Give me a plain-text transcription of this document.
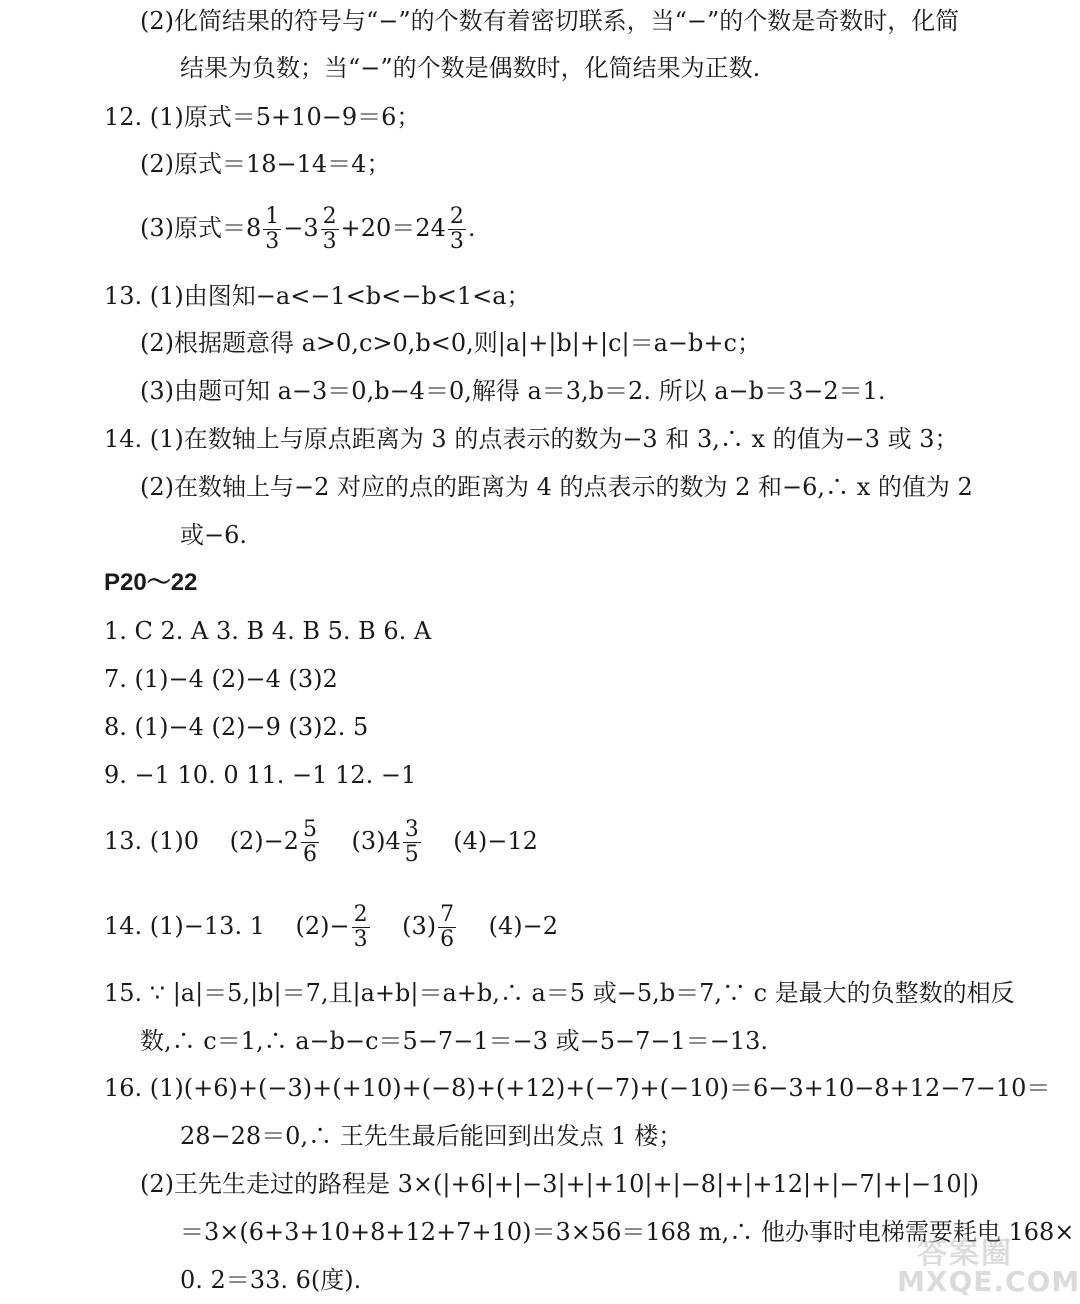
(2)化简结果的符号与“−”的个数有着密切联系，当“−”的个数是奇数时，化简
结果为负数；当“−”的个数是偶数时，化简结果为正数.
12. (1)原式＝5+10−9＝6；
(2)原式＝18−14＝4；
(3)原式$=8 \frac{1}{3} -3 \frac{2}{3} +20=24 \frac{2}{3}$ .
13. (1)由图知−a<−1<b<−b<1<a；
(2)根据题意得 a>0,c>0,b<0,则|a|+|b|+|c|＝a−b+c；
(3)由题可知 a−3＝0,b−4＝0,解得 a＝3,b＝2. 所以 a−b＝3−2＝1.
14. (1)在数轴上与原点距离为 3 的点表示的数为−3 和 3,∴ x 的值为−3 或 3；
(2)在数轴上与−2 对应的点的距离为 4 的点表示的数为 2 和−6,∴ x 的值为 2
或−6.
P20～22
1. C 2. A 3. B 4. B 5. B 6. A
7. (1)−4 (2)−4 (3)2
8. (1)−4 (2)−9 (3)2. 5
9. −1 10. 0 11. −1 12. −1
13. (1)0    $(2)-2 \frac{5}{6} (3)4 \frac{3}{5} (4)-12$
14. (1)−13. 1    $(2)- \frac{2}{3} (3) \frac{7}{6} (4)-2$
15. ∵ |a|＝5,|b|＝7,且|a+b|＝a+b,∴ a＝5 或−5,b＝7,∵ c 是最大的负整数的相反
数,∴ c＝1,∴ a−b−c＝5−7−1＝−3 或−5−7−1＝−13.
16. (1)(+6)+(−3)+(+10)+(−8)+(+12)+(−7)+(−10)＝6−3+10−8+12−7−10＝
28−28＝0,∴ 王先生最后能回到出发点 1 楼；
(2)王先生走过的路程是 3×(|+6|+|−3|+|+10|+|−8|+|+12|+|−7|+|−10|)
＝3×(6+3+10+8+12+7+10)＝3×56＝168 m,∴ 他办事时电梯需要耗电 168×
0. 2＝33. 6(度).
答案圈
MXQE.COM
